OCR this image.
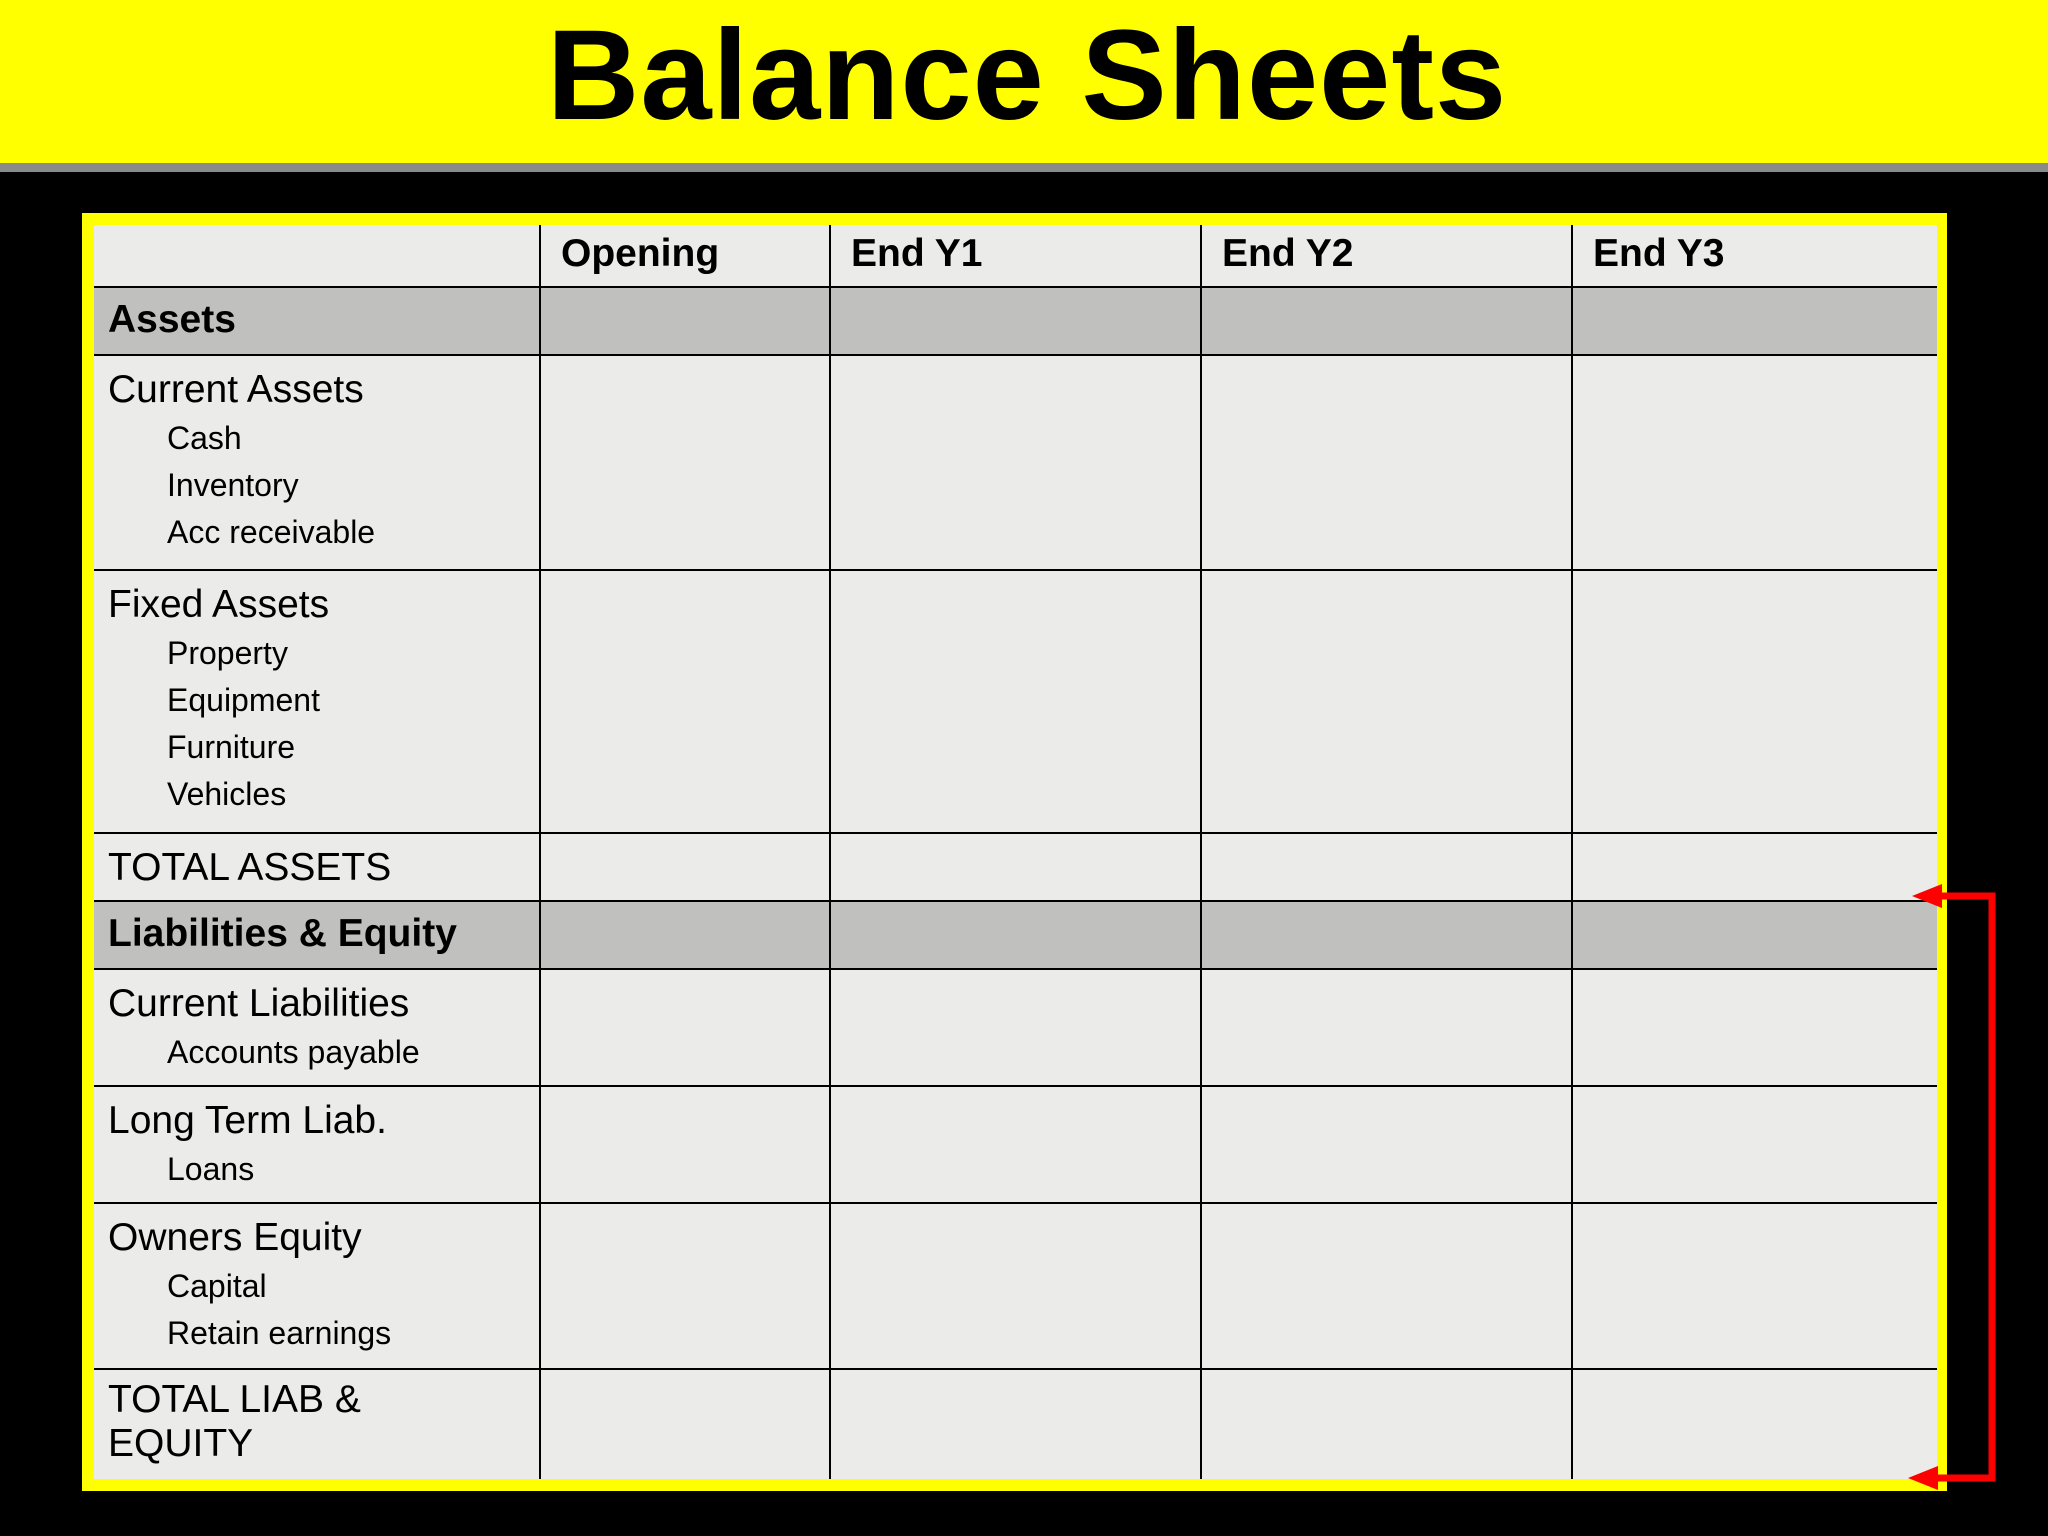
Balance Sheets

	Opening	End Y1	End Y2	End Y3

Assets				

Current Assets
Cash
Inventory
Acc receivable				

Fixed Assets
Property
Equipment
Furniture
Vehicles				

TOTAL ASSETS				

Liabilities & Equity				

Current Liabilities
Accounts payable				

Long Term Liab.
Loans				

Owners Equity
Capital
Retain earnings				

TOTAL LIAB &
EQUITY				
